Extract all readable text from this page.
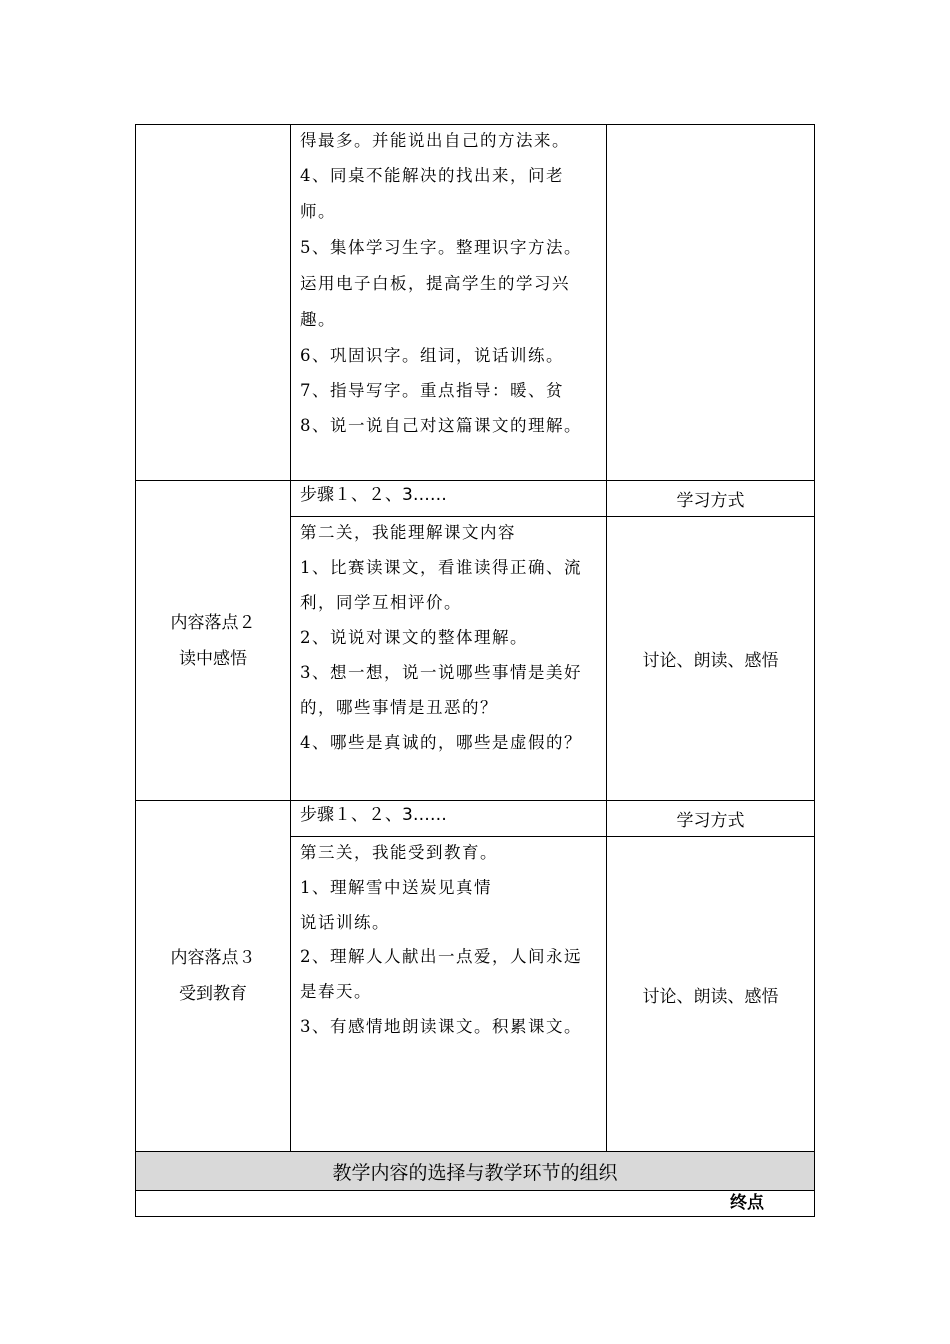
得最多。并能说出自己的方法来。
4、同桌不能解决的找出来，问老
师。
5、集体学习生字。整理识字方法。
运用电子白板，提高学生的学习兴
趣。
6、巩固识字。组词，说话训练。
7、指导写字。重点指导：暖、贫
8、说一说自己对这篇课文的理解。
内容落点２
读中感悟
步骤１、２、3……	学习方式
第二关，我能理解课文内容
1、比赛读课文，看谁读得正确、流
利，同学互相评价。
2、说说对课文的整体理解。
3、想一想，说一说哪些事情是美好
的，哪些事情是丑恶的？
4、哪些是真诚的，哪些是虚假的？
讨论、朗读、感悟
内容落点３
受到教育
步骤１、２、3……	学习方式
第三关，我能受到教育。
1、理解雪中送炭见真情
说话训练。
2、理解人人献出一点爱，人间永远
是春天。
3、有感情地朗读课文。积累课文。
讨论、朗读、感悟
教学内容的选择与教学环节的组织
终点
